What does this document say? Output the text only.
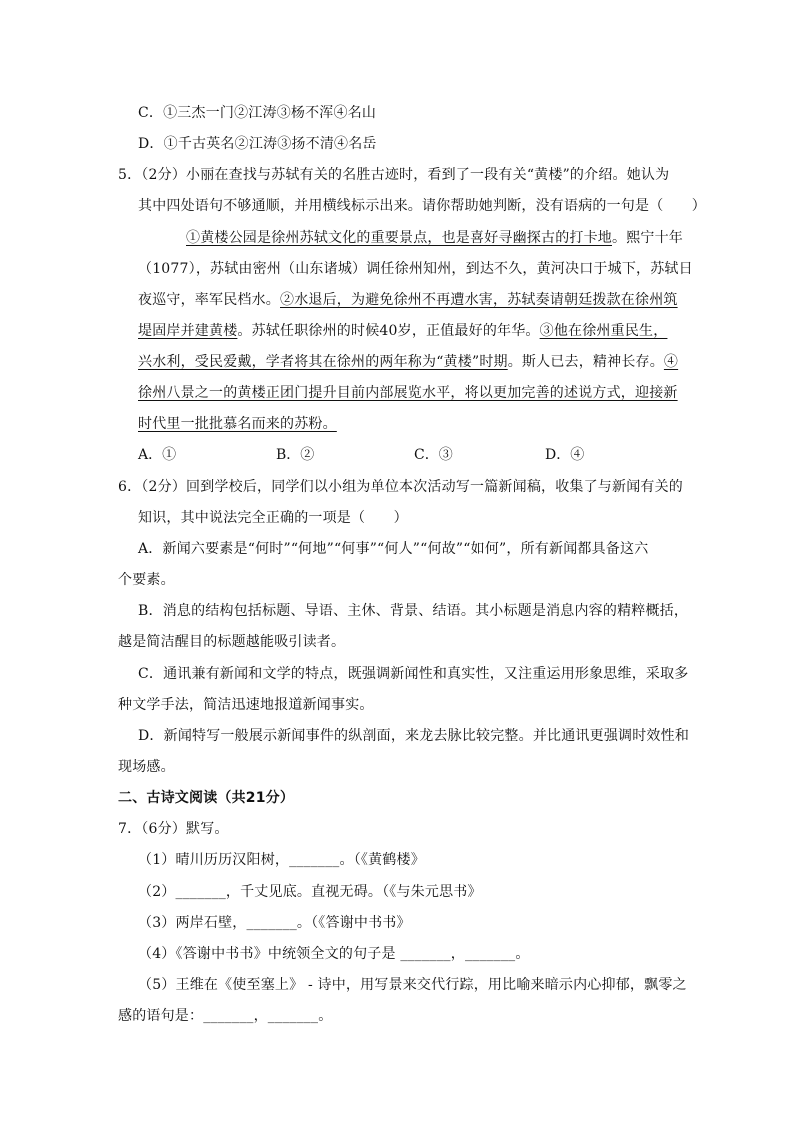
C．①三杰一门②江涛③杨不浑④名山
D．①千古英名②江涛③扬不清④名岳
5．（2分）小丽在查找与苏轼有关的名胜古迹时，看到了一段有关“黄楼”的介绍。她认为
其中四处语句不够通顺，并用横线标示出来。请你帮助她判断，没有语病的一句是（　　）
①黄楼公园是徐州苏轼文化的重要景点，也是喜好寻幽探古的打卡地。熙宁十年
（1077），苏轼由密州（山东诸城）调任徐州知州，到达不久，黄河决口于城下，苏轼日
夜巡守，率军民档水。②水退后，为避免徐州不再遭水害，苏轼奏请朝廷拨款在徐州筑
堤固岸并建黄楼。苏轼任职徐州的时候40岁，正值最好的年华。③他在徐州重民生，
兴水利，受民爱戴，学者将其在徐州的两年称为“黄楼”时期。斯人已去，精神长存。④
徐州八景之一的黄楼正团门提升目前内部展览水平，将以更加完善的述说方式，迎接新
时代里一批批慕名而来的苏粉。
A．①	B．②	C．③	D．④
6．（2分）回到学校后，同学们以小组为单位本次活动写一篇新闻稿，收集了与新闻有关的
知识，其中说法完全正确的一项是（　　）
A．新闻六要素是“何时”“何地”“何事”“何人”“何故”“如何”，所有新闻都具备这六
个要素。
B．消息的结构包括标题、导语、主休、背景、结语。其小标题是消息内容的精粹概括，
越是简洁醒目的标题越能吸引读者。
C．通讯兼有新闻和文学的特点，既强调新闻性和真实性，又注重运用形象思维，采取多
种文学手法，简洁迅速地报道新闻事实。
D．新闻特写一般展示新闻事件的纵剖面，来龙去脉比较完整。并比通讯更强调时效性和
现场感。
二、古诗文阅读（共21分）
7．（6分）默写。
（1）晴川历历汉阳树，_______。（《黄鹤楼》
（2）_______，千丈见底。直视无碍。（《与朱元思书》
（3）两岸石壁，_______。（《答谢中书书》
（4）《答谢中书书》中统领全文的句子是 _______，_______。
（5）王维在《使至塞上》 - 诗中，用写景来交代行踪，用比喻来暗示内心抑郁，飘零之
感的语句是：_______，_______。
